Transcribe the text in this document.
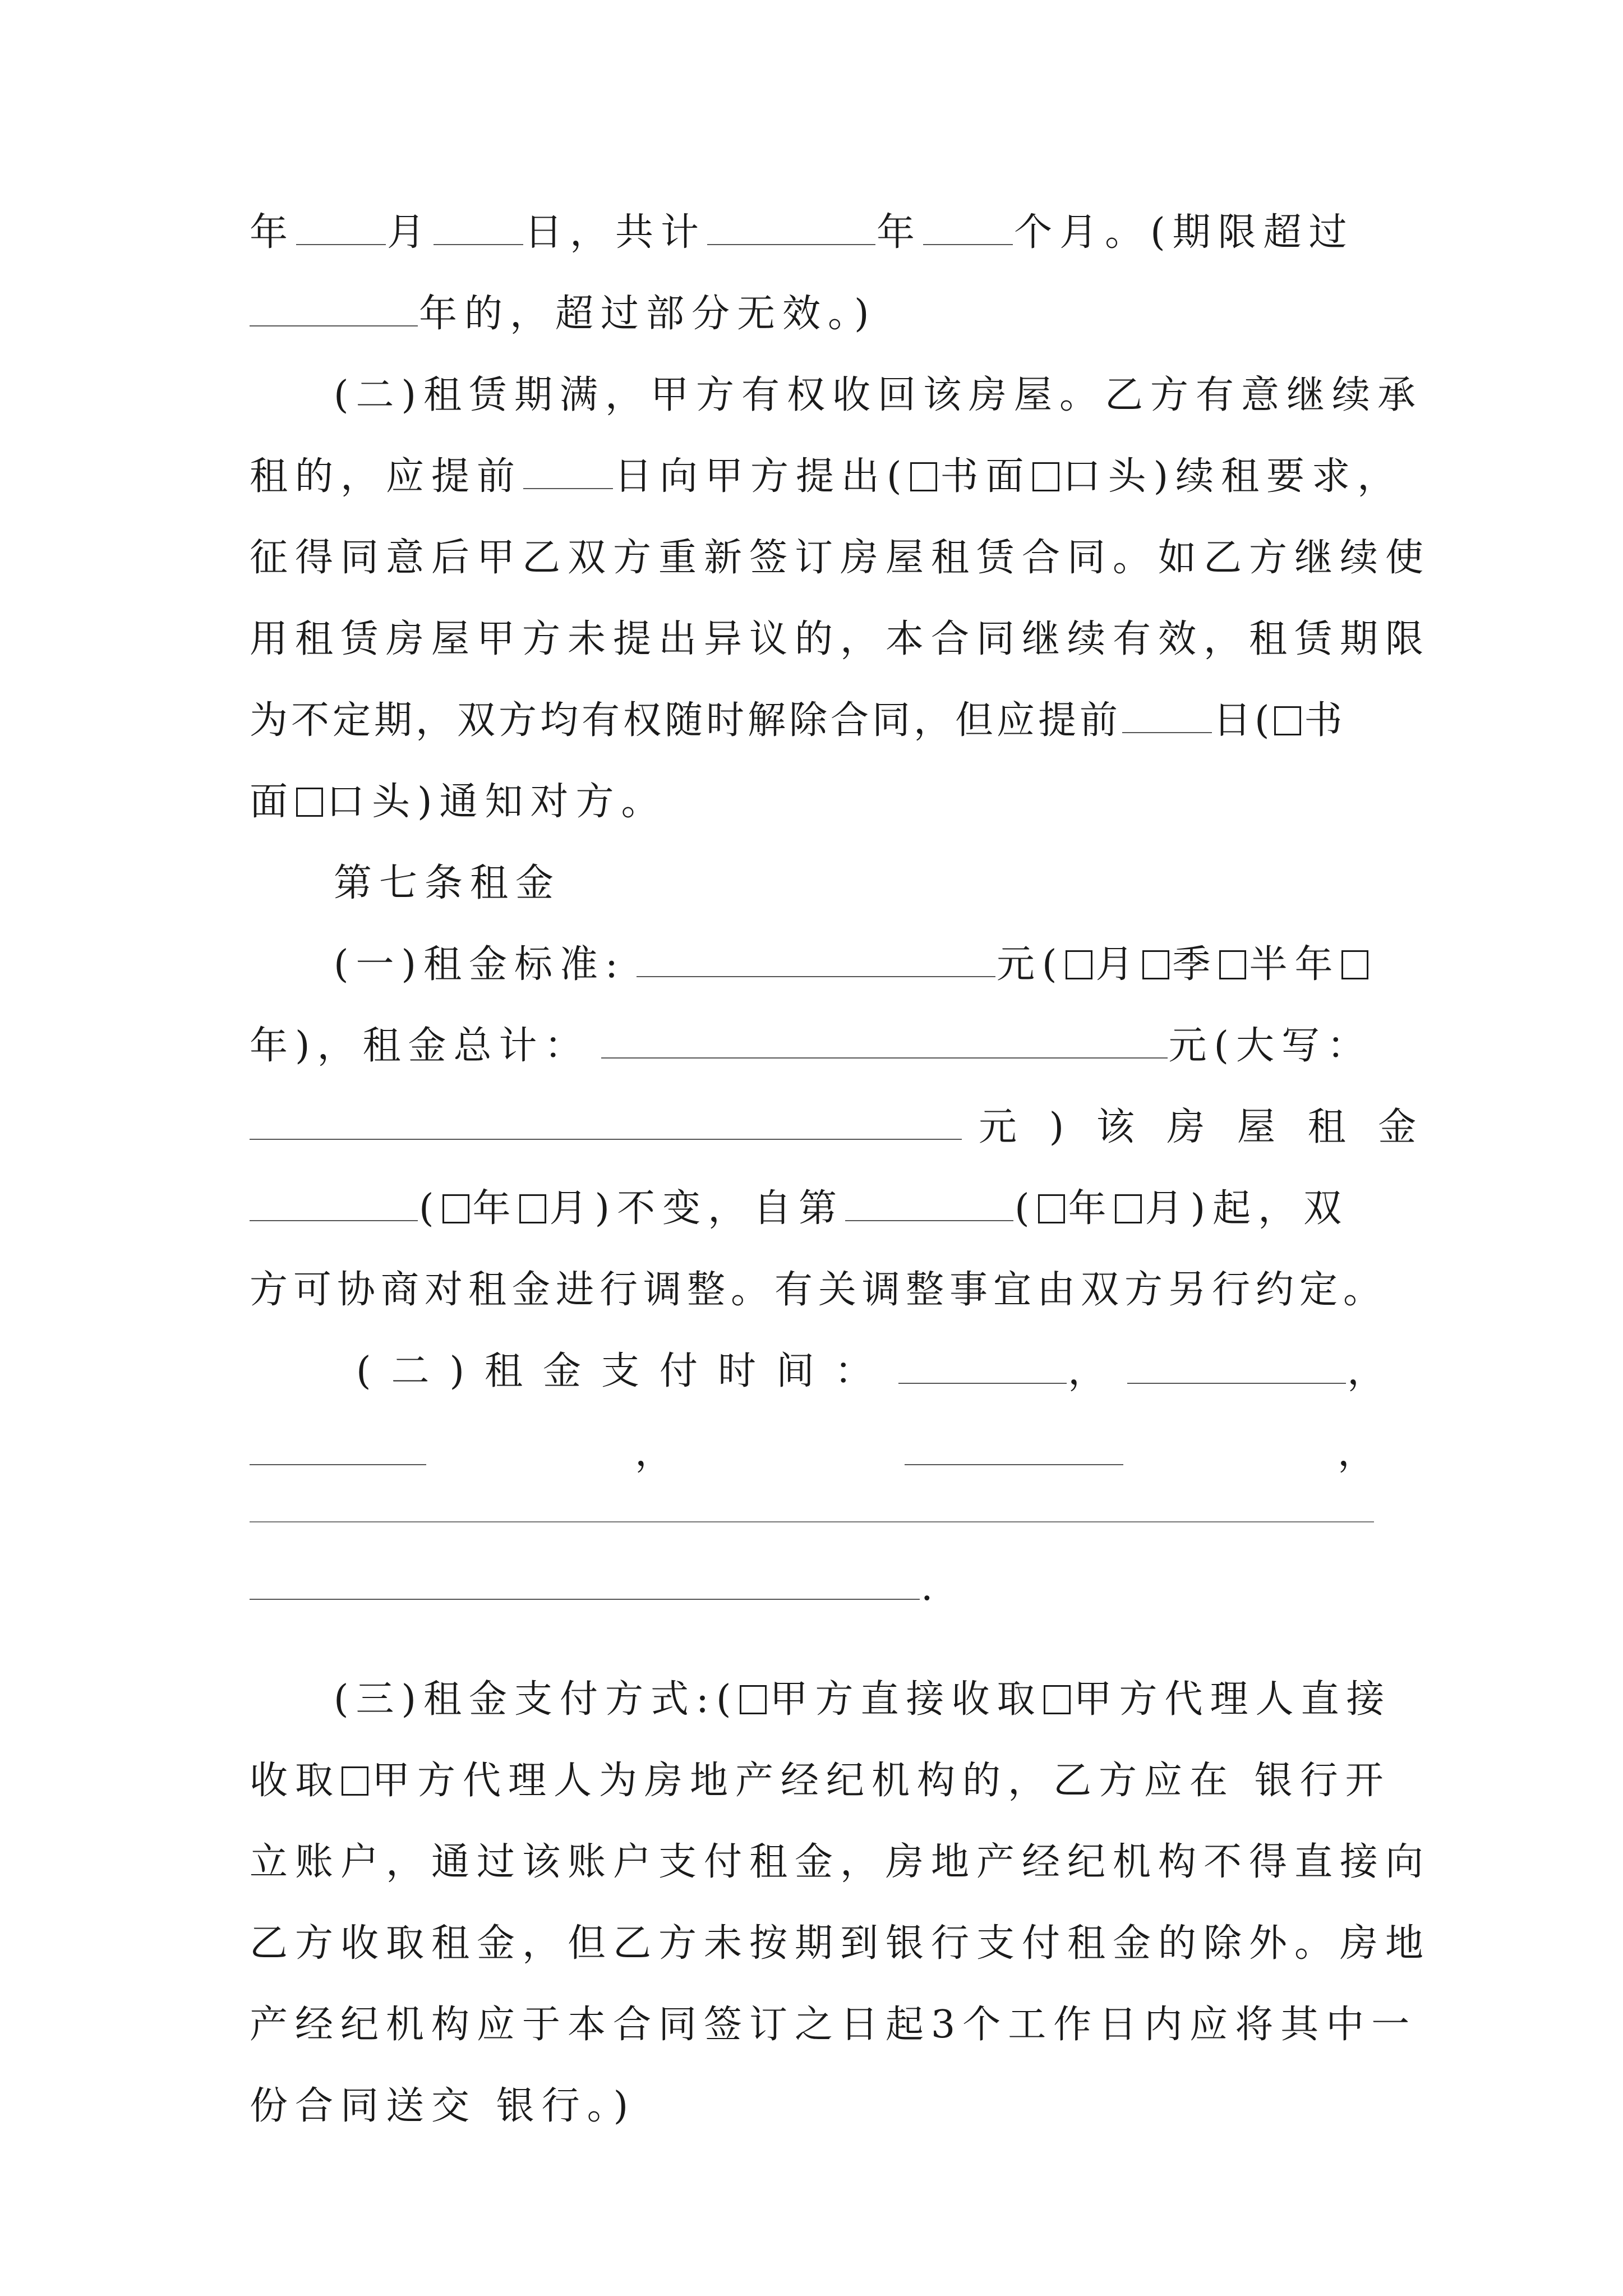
年 月 日，共计	年 个月。(期限超过
年的，超过部分无效。)
(二)租赁期满，甲方有权收回该房屋。乙方有意继续承
租的，应提前 日向甲方提出( 书面 口头)续租要求，
征得同意后甲乙双方重新签订房屋租赁合同。如乙方继续使
用租赁房屋甲方未提出异议的，本合同继续有效，租赁期限
为不定期，双方均有权随时解除合同，但应提前 日( 书
面 口头)通知对方。
第七条租金
(一)租金标准:	元( 月 季 半年
年)，租金总计：	元(大写：
元 ) 该 房 屋 租 金
( 年 月)不变，自第	( 年 月)起，双
方可协商对租金进行调整。有关调整事宜由双方另行约定。
(二)租金支付时间：	，	，
，	，
.
(三)租金支付方式:( 甲方直接收取 甲方代理人直接
收取 甲方代理人为房地产经纪机构的，乙方应在 银行开
立账户，通过该账户支付租金，房地产经纪机构不得直接向
乙方收取租金，但乙方未按期到银行支付租金的除外。房地
产经纪机构应于本合同签订之日起3个工作日内应将其中一
份合同送交 银行。)
